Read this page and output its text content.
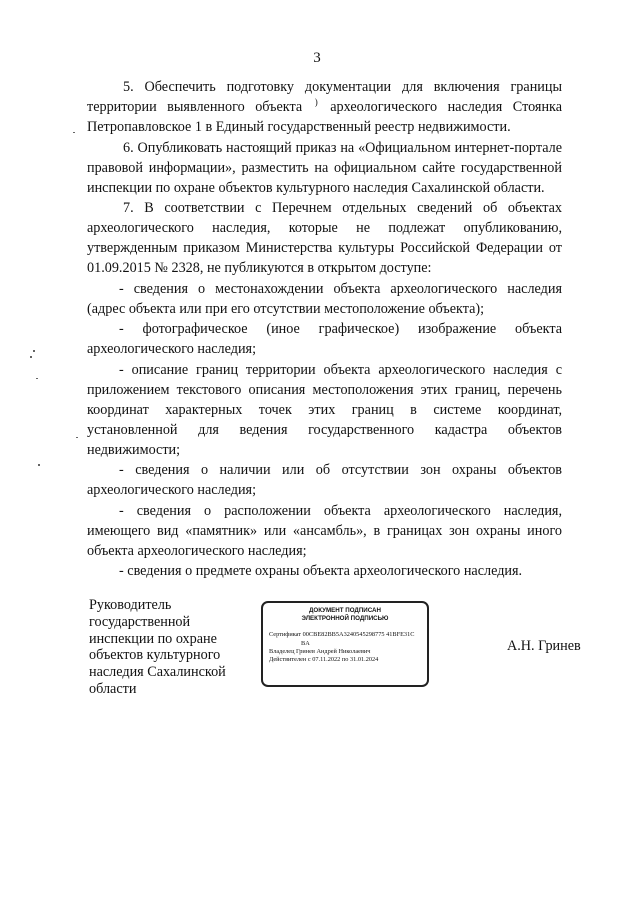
3

5. Обеспечить подготовку документации для включения границы территории выявленного объекта ) археологического наследия Стоянка Петропавловское 1 в Единый государственный реестр недвижимости.

6. Опубликовать настоящий приказ на «Официальном интернет-портале правовой информации», разместить на официальном сайте государственной инспекции по охране объектов культурного наследия Сахалинской области.

7. В соответствии с Перечнем отдельных сведений об объектах археологического наследия, которые не подлежат опубликованию, утвержденным приказом Министерства культуры Российской Федерации от 01.09.2015 № 2328, не публикуются в открытом доступе:

- сведения о местонахождении объекта археологического наследия (адрес объекта или при его отсутствии местоположение объекта);

- фотографическое (иное графическое) изображение объекта археологического наследия;

- описание границ территории объекта археологического наследия с приложением текстового описания местоположения этих границ, перечень координат характерных точек этих границ в системе координат, установленной для ведения государственного кадастра объектов недвижимости;

- сведения о наличии или об отсутствии зон охраны объектов археологического наследия;

- сведения о расположении объекта археологического наследия, имеющего вид «памятник» или «ансамбль», в границах зон охраны иного объекта археологического наследия;

- сведения о предмете охраны объекта археологического наследия.

Руководитель
государственной
инспекции по охране
объектов культурного
наследия Сахалинской
области
ДОКУМЕНТ ПОДПИСАН
ЭЛЕКТРОННОЙ ПОДПИСЬЮ
Сертификат 00CBE82BB5A3240545298775 41BFE31C
BA
Владелец Гринев Андрей Николаевич
Действителен с 07.11.2022 по 31.01.2024
А.Н. Гринев
